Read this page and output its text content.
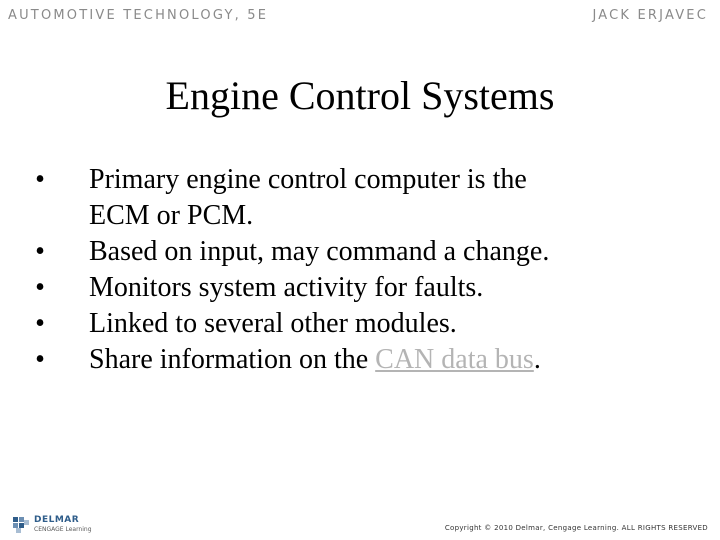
AUTOMOTIVE TECHNOLOGY, 5E	JACK ERJAVEC
Engine Control Systems
• Primary engine control computer is the
ECM or PCM.
• Based on input, may command a change.
• Monitors system activity for faults.
• Linked to several other modules.
• Share information on the CAN data bus.
DELMAR
CENGAGE Learning	Copyright © 2010 Delmar, Cengage Learning. ALL RIGHTS RESERVED
